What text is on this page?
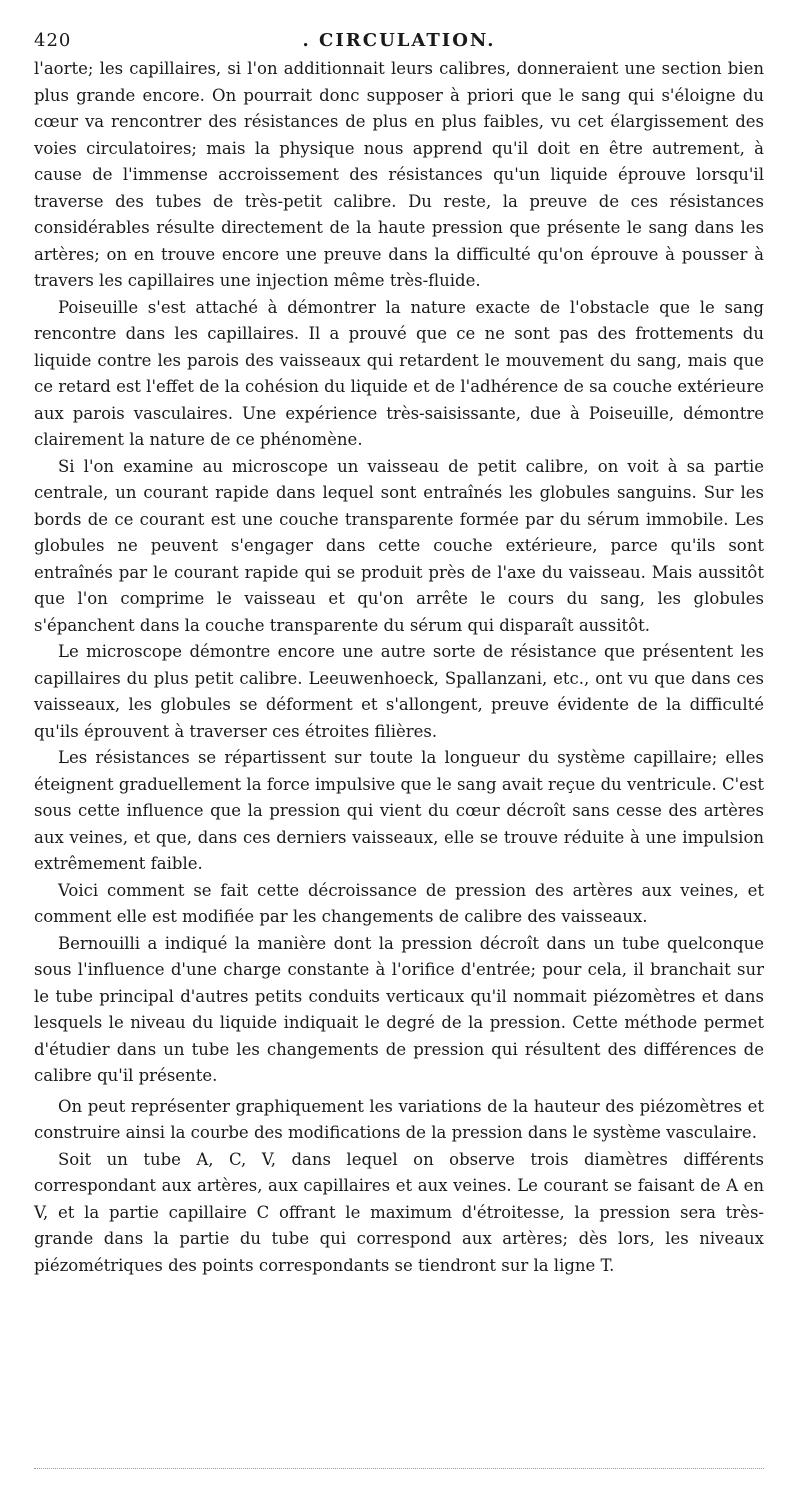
420	. CIRCULATION.

l'aorte; les capillaires, si l'on additionnait leurs calibres, donneraient une section bien plus grande encore. On pourrait donc supposer à priori que le sang qui s'éloigne du cœur va rencontrer des résistances de plus en plus faibles, vu cet élargissement des voies circulatoires; mais la physique nous apprend qu'il doit en être autrement, à cause de l'immense accroissement des résistances qu'un liquide éprouve lorsqu'il traverse des tubes de très-petit calibre. Du reste, la preuve de ces résistances considérables résulte directement de la haute pression que présente le sang dans les artères; on en trouve encore une preuve dans la difficulté qu'on éprouve à pousser à travers les capillaires une injection même très-fluide.

Poiseuille s'est attaché à démontrer la nature exacte de l'obstacle que le sang rencontre dans les capillaires. Il a prouvé que ce ne sont pas des frottements du liquide contre les parois des vaisseaux qui retardent le mouvement du sang, mais que ce retard est l'effet de la cohésion du liquide et de l'adhérence de sa couche extérieure aux parois vasculaires. Une expérience très-saisissante, due à Poiseuille, démontre clairement la nature de ce phénomène.

Si l'on examine au microscope un vaisseau de petit calibre, on voit à sa partie centrale, un courant rapide dans lequel sont entraînés les globules sanguins. Sur les bords de ce courant est une couche transparente formée par du sérum immobile. Les globules ne peuvent s'engager dans cette couche extérieure, parce qu'ils sont entraînés par le courant rapide qui se produit près de l'axe du vaisseau. Mais aussitôt que l'on comprime le vaisseau et qu'on arrête le cours du sang, les globules s'épanchent dans la couche transparente du sérum qui disparaît aussitôt.

Le microscope démontre encore une autre sorte de résistance que présentent les capillaires du plus petit calibre. Leeuwenhoeck, Spallanzani, etc., ont vu que dans ces vaisseaux, les globules se déforment et s'allongent, preuve évidente de la difficulté qu'ils éprouvent à traverser ces étroites filières.

Les résistances se répartissent sur toute la longueur du système capillaire; elles éteignent graduellement la force impulsive que le sang avait reçue du ventricule. C'est sous cette influence que la pression qui vient du cœur décroît sans cesse des artères aux veines, et que, dans ces derniers vaisseaux, elle se trouve réduite à une impulsion extrêmement faible.

Voici comment se fait cette décroissance de pression des artères aux veines, et comment elle est modifiée par les changements de calibre des vaisseaux.

Bernouilli a indiqué la manière dont la pression décroît dans un tube quelconque sous l'influence d'une charge constante à l'orifice d'entrée; pour cela, il branchait sur le tube principal d'autres petits conduits verticaux qu'il nommait piézomètres et dans lesquels le niveau du liquide indiquait le degré de la pression. Cette méthode permet d'étudier dans un tube les changements de pression qui résultent des différences de calibre qu'il présente.

On peut représenter graphiquement les variations de la hauteur des piézomètres et construire ainsi la courbe des modifications de la pression dans le système vasculaire.

Soit un tube A, C, V, dans lequel on observe trois diamètres différents correspondant aux artères, aux capillaires et aux veines. Le courant se faisant de A en V, et la partie capillaire C offrant le maximum d'étroitesse, la pression sera très-grande dans la partie du tube qui correspond aux artères; dès lors, les niveaux piézométriques des points correspondants se tiendront sur la ligne T.
